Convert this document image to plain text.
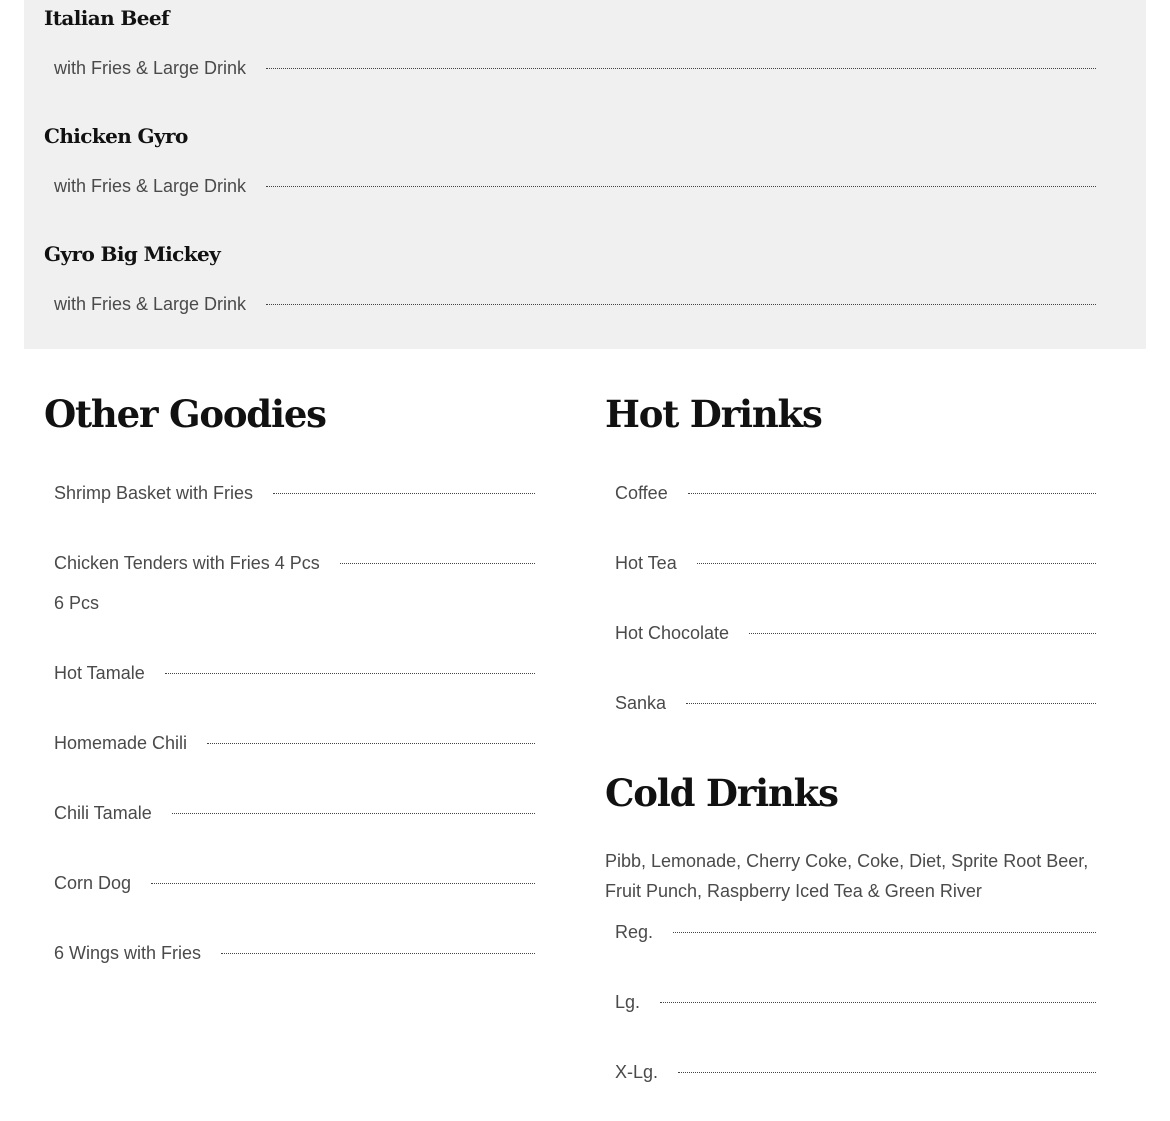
Italian Beef
with Fries & Large Drink
Chicken Gyro
with Fries & Large Drink
Gyro Big Mickey
with Fries & Large Drink
Other Goodies
Shrimp Basket with Fries
Chicken Tenders with Fries 4 Pcs
6 Pcs
Hot Tamale
Homemade Chili
Chili Tamale
Corn Dog
6 Wings with Fries
Hot Drinks
Coffee
Hot Tea
Hot Chocolate
Sanka
Cold Drinks
Pibb, Lemonade, Cherry Coke, Coke, Diet, Sprite Root Beer,
Fruit Punch, Raspberry Iced Tea & Green River
Reg.
Lg.
X-Lg.
